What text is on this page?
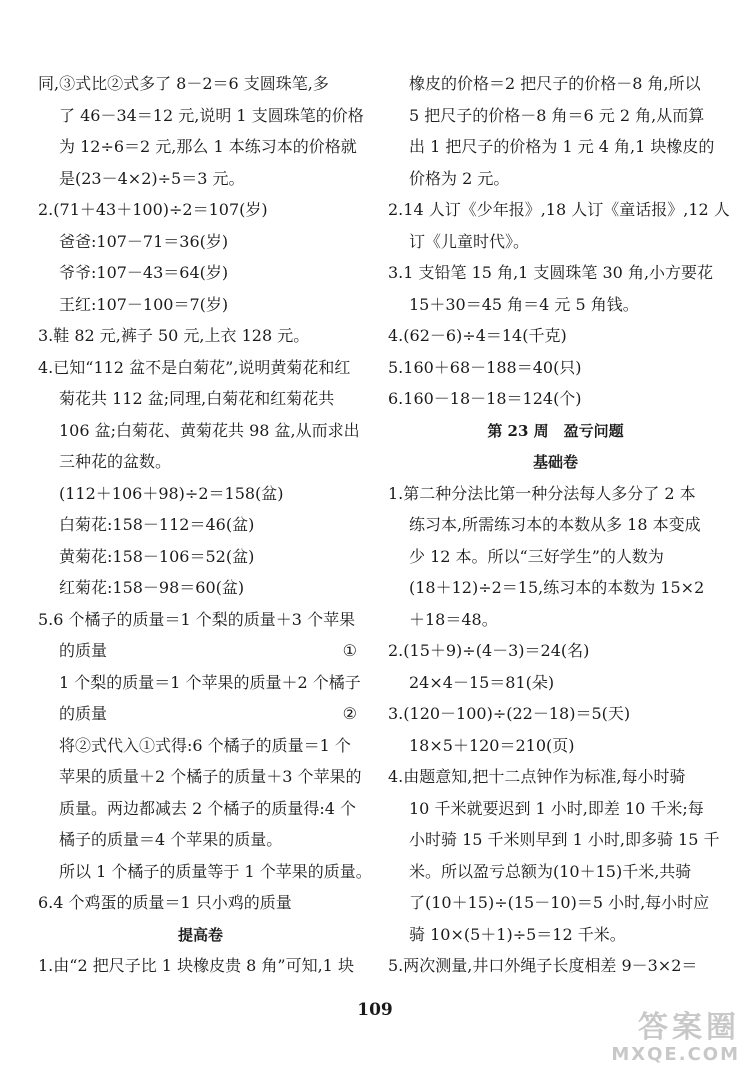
同,③式比②式多了 8－2＝6 支圆珠笔,多
了 46－34＝12 元,说明 1 支圆珠笔的价格
为 12÷6＝2 元,那么 1 本练习本的价格就
是(23－4×2)÷5＝3 元。
2.(71＋43＋100)÷2＝107(岁)
爸爸:107－71＝36(岁)
爷爷:107－43＝64(岁)
王红:107－100＝7(岁)
3.鞋 82 元,裤子 50 元,上衣 128 元。
4.已知“112 盆不是白菊花”,说明黄菊花和红
菊花共 112 盆;同理,白菊花和红菊花共
106 盆;白菊花、黄菊花共 98 盆,从而求出
三种花的盆数。
(112＋106＋98)÷2＝158(盆)
白菊花:158－112＝46(盆)
黄菊花:158－106＝52(盆)
红菊花:158－98＝60(盆)
5.6 个橘子的质量＝1 个梨的质量＋3 个苹果
的质量	①
1 个梨的质量＝1 个苹果的质量＋2 个橘子
的质量	②
将②式代入①式得:6 个橘子的质量＝1 个
苹果的质量＋2 个橘子的质量＋3 个苹果的
质量。两边都减去 2 个橘子的质量得:4 个
橘子的质量＝4 个苹果的质量。
所以 1 个橘子的质量等于 1 个苹果的质量。
6.4 个鸡蛋的质量＝1 只小鸡的质量
提高卷
1.由“2 把尺子比 1 块橡皮贵 8 角”可知,1 块
橡皮的价格＝2 把尺子的价格－8 角,所以
5 把尺子的价格－8 角＝6 元 2 角,从而算
出 1 把尺子的价格为 1 元 4 角,1 块橡皮的
价格为 2 元。
2.14 人订《少年报》,18 人订《童话报》,12 人
订《儿童时代》。
3.1 支铅笔 15 角,1 支圆珠笔 30 角,小方要花
15＋30＝45 角＝4 元 5 角钱。
4.(62－6)÷4＝14(千克)
5.160＋68－188＝40(只)
6.160－18－18＝124(个)
第 23 周　盈亏问题
基础卷
1.第二种分法比第一种分法每人多分了 2 本
练习本,所需练习本的本数从多 18 本变成
少 12 本。所以“三好学生”的人数为
(18＋12)÷2＝15,练习本的本数为 15×2
＋18＝48。
2.(15＋9)÷(4－3)＝24(名)
24×4－15＝81(朵)
3.(120－100)÷(22－18)＝5(天)
18×5＋120＝210(页)
4.由题意知,把十二点钟作为标准,每小时骑
10 千米就要迟到 1 小时,即差 10 千米;每
小时骑 15 千米则早到 1 小时,即多骑 15 千
米。所以盈亏总额为(10＋15)千米,共骑
了(10＋15)÷(15－10)＝5 小时,每小时应
骑 10×(5＋1)÷5＝12 千米。
5.两次测量,井口外绳子长度相差 9－3×2＝
109	答案圈
MXQE.COM
